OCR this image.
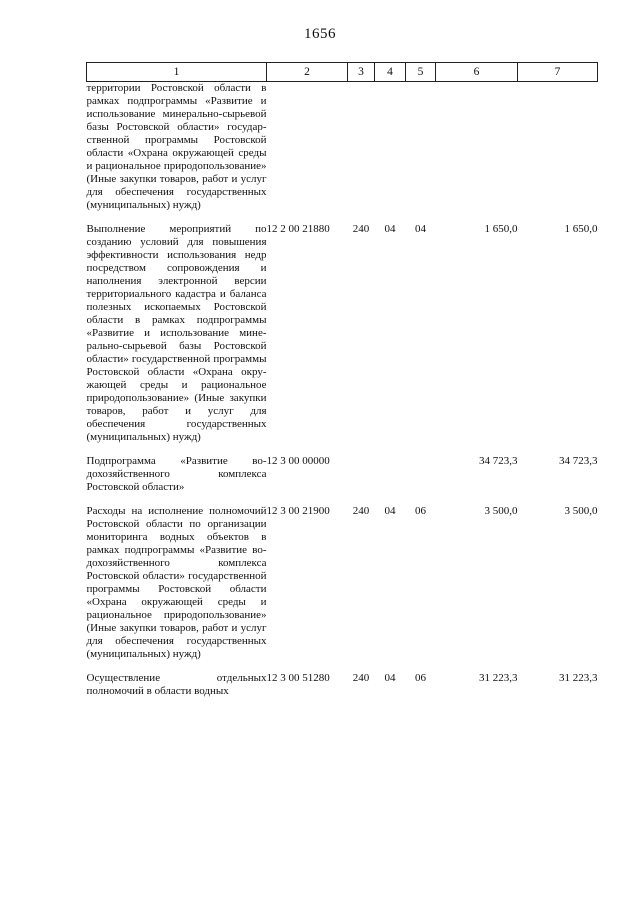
1656
1	2	3	4	5	6	7
территории Ростовской области в рамках подпрограммы «Развитие и использование минерально-сырьевой базы Ростовской области» государственной программы Ростовской области «Охрана окружающей среды и рациональное природопользование» (Иные закупки товаров, работ и услуг для обеспечения государственных (муниципальных) нужд)						

Выполнение мероприятий по созданию условий для повышения эффективности использования недр посредством сопровождения и наполнения электронной версии территориального кадастра и баланса полезных ископаемых Ростовской области в рамках подпрограммы «Развитие и использование минерально-сырьевой базы Ростовской области» государственной программы Ростовской области «Охрана окружающей среды и рациональное природопользование» (Иные закупки товаров, работ и услуг для обеспечения государственных (муниципальных) нужд)	12 2 00 21880	240	04	04	1 650,0	1 650,0

Подпрограмма «Развитие водохозяйственного комплекса Ростовской области»	12 3 00 00000				34 723,3	34 723,3

Расходы на исполнение полномочий Ростовской области по организации мониторинга водных объектов в рамках подпрограммы «Развитие водохозяйственного комплекса Ростовской области» государственной программы Ростовской области «Охрана окружающей среды и рациональное природопользование» (Иные закупки товаров, работ и услуг для обеспечения государственных (муниципальных) нужд)	12 3 00 21900	240	04	06	3 500,0	3 500,0

Осуществление отдельных полномочий в области водных	12 3 00 51280	240	04	06	31 223,3	31 223,3
